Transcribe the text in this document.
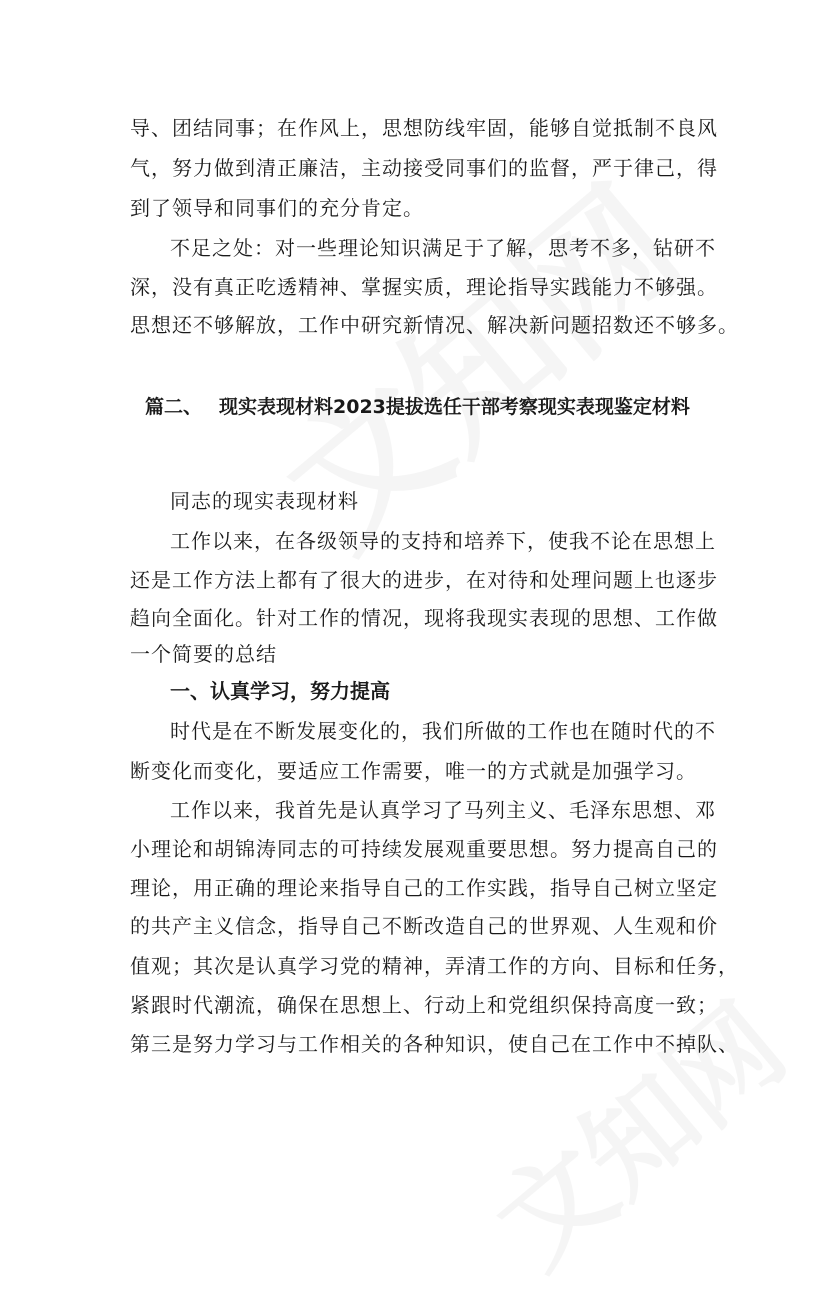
导、团结同事；在作风上，思想防线牢固，能够自觉抵制不良风
气，努力做到清正廉洁，主动接受同事们的监督，严于律己，得
到了领导和同事们的充分肯定。
不足之处：对一些理论知识满足于了解，思考不多，钻研不
深，没有真正吃透精神、掌握实质，理论指导实践能力不够强。
思想还不够解放，工作中研究新情况、解决新问题招数还不够多。
篇二、 现实表现材料2023提拔选任干部考察现实表现鉴定材料
同志的现实表现材料
工作以来，在各级领导的支持和培养下，使我不论在思想上
还是工作方法上都有了很大的进步，在对待和处理问题上也逐步
趋向全面化。针对工作的情况，现将我现实表现的思想、工作做
一个简要的总结
一、认真学习，努力提高
时代是在不断发展变化的，我们所做的工作也在随时代的不
断变化而变化，要适应工作需要，唯一的方式就是加强学习。
工作以来，我首先是认真学习了马列主义、毛泽东思想、邓
小理论和胡锦涛同志的可持续发展观重要思想。努力提高自己的
理论，用正确的理论来指导自己的工作实践，指导自己树立坚定
的共产主义信念，指导自己不断改造自己的世界观、人生观和价
值观；其次是认真学习党的精神，弄清工作的方向、目标和任务，
紧跟时代潮流，确保在思想上、行动上和党组织保持高度一致；
第三是努力学习与工作相关的各种知识，使自己在工作中不掉队、
